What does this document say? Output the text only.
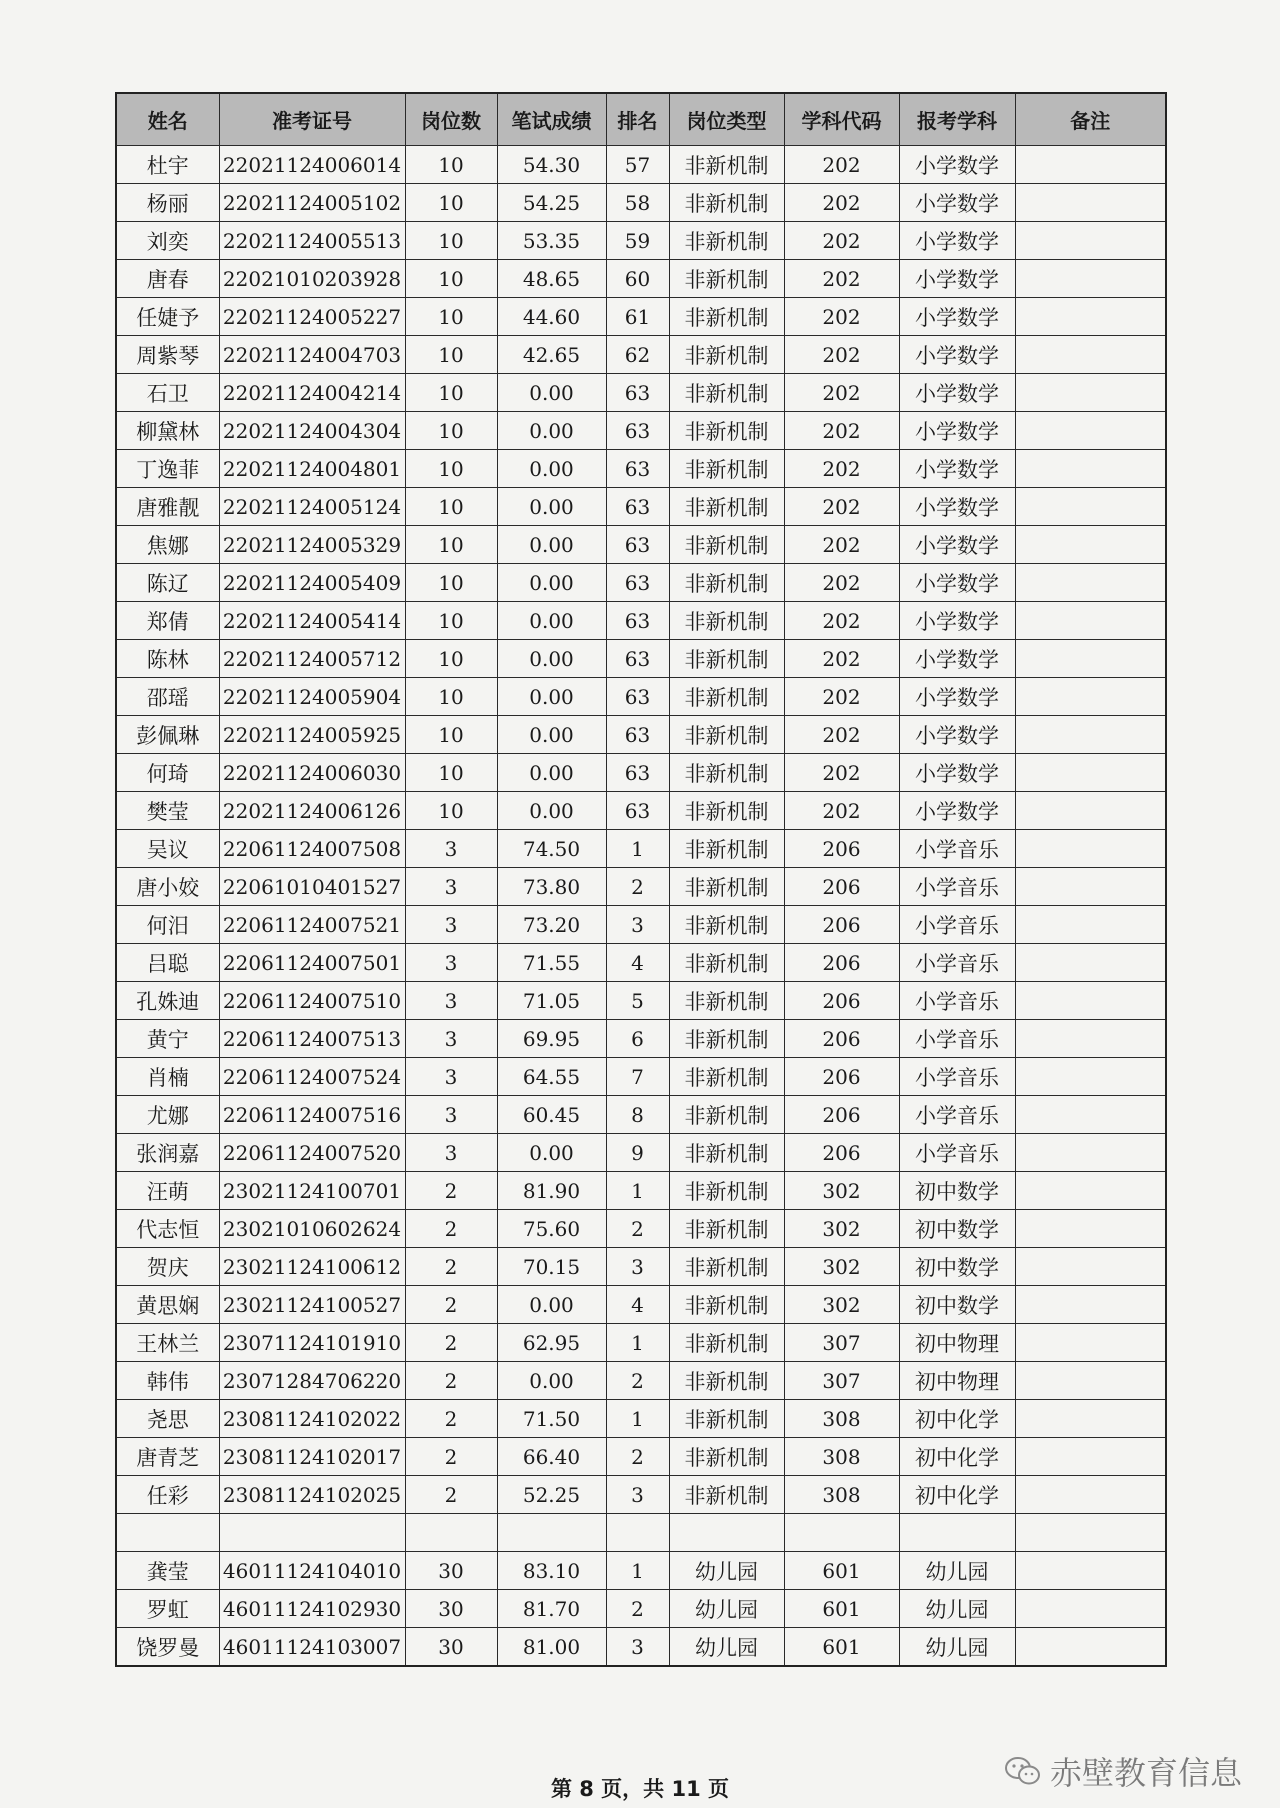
姓名	准考证号	岗位数	笔试成绩	排名	岗位类型	学科代码	报考学科	备注
杜宇	22021124006014	10	54.30	57	非新机制	202	小学数学	
杨丽	22021124005102	10	54.25	58	非新机制	202	小学数学	
刘奕	22021124005513	10	53.35	59	非新机制	202	小学数学	
唐春	22021010203928	10	48.65	60	非新机制	202	小学数学	
任婕予	22021124005227	10	44.60	61	非新机制	202	小学数学	
周紫琴	22021124004703	10	42.65	62	非新机制	202	小学数学	
石卫	22021124004214	10	0.00	63	非新机制	202	小学数学	
柳黛林	22021124004304	10	0.00	63	非新机制	202	小学数学	
丁逸菲	22021124004801	10	0.00	63	非新机制	202	小学数学	
唐雅靓	22021124005124	10	0.00	63	非新机制	202	小学数学	
焦娜	22021124005329	10	0.00	63	非新机制	202	小学数学	
陈辽	22021124005409	10	0.00	63	非新机制	202	小学数学	
郑倩	22021124005414	10	0.00	63	非新机制	202	小学数学	
陈林	22021124005712	10	0.00	63	非新机制	202	小学数学	
邵瑶	22021124005904	10	0.00	63	非新机制	202	小学数学	
彭佩琳	22021124005925	10	0.00	63	非新机制	202	小学数学	
何琦	22021124006030	10	0.00	63	非新机制	202	小学数学	
樊莹	22021124006126	10	0.00	63	非新机制	202	小学数学	
吴议	22061124007508	3	74.50	1	非新机制	206	小学音乐	
唐小姣	22061010401527	3	73.80	2	非新机制	206	小学音乐	
何汨	22061124007521	3	73.20	3	非新机制	206	小学音乐	
吕聪	22061124007501	3	71.55	4	非新机制	206	小学音乐	
孔姝迪	22061124007510	3	71.05	5	非新机制	206	小学音乐	
黄宁	22061124007513	3	69.95	6	非新机制	206	小学音乐	
肖楠	22061124007524	3	64.55	7	非新机制	206	小学音乐	
尤娜	22061124007516	3	60.45	8	非新机制	206	小学音乐	
张润嘉	22061124007520	3	0.00	9	非新机制	206	小学音乐	
汪萌	23021124100701	2	81.90	1	非新机制	302	初中数学	
代志恒	23021010602624	2	75.60	2	非新机制	302	初中数学	
贺庆	23021124100612	2	70.15	3	非新机制	302	初中数学	
黄思娴	23021124100527	2	0.00	4	非新机制	302	初中数学	
王林兰	23071124101910	2	62.95	1	非新机制	307	初中物理	
韩伟	23071284706220	2	0.00	2	非新机制	307	初中物理	
尧思	23081124102022	2	71.50	1	非新机制	308	初中化学	
唐青芝	23081124102017	2	66.40	2	非新机制	308	初中化学	
任彩	23081124102025	2	52.25	3	非新机制	308	初中化学	

龚莹	46011124104010	30	83.10	1	幼儿园	601	幼儿园	
罗虹	46011124102930	30	81.70	2	幼儿园	601	幼儿园	
饶罗曼	46011124103007	30	81.00	3	幼儿园	601	幼儿园	
第 8 页，共 11 页	赤壁教育信息
